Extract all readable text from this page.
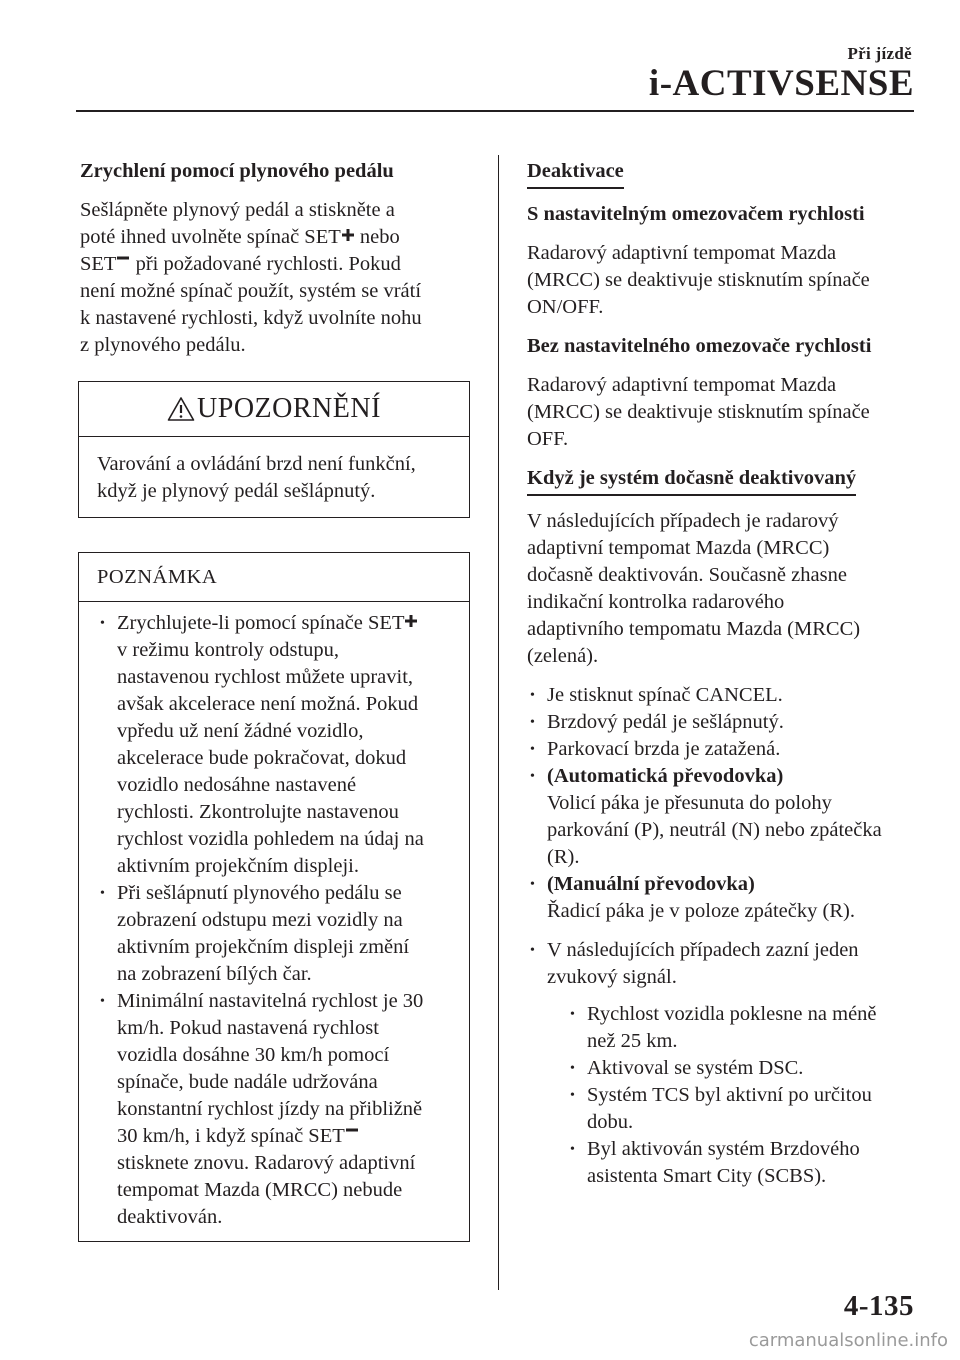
Při jízdě
i-ACTIVSENSE

Zrychlení pomocí plynového pedálu

Sešlápněte plynový pedál a stiskněte a

poté ihned uvolněte spínač SET nebo

SET při požadované rychlosti. Pokud

není možné spínač použít, systém se vrátí

k nastavené rychlosti, když uvolníte nohu

z plynového pedálu.

UPOZORNĚNÍ

Varování a ovládání brzd není funkční,

když je plynový pedál sešlápnutý.

POZNÁMKA

• Zrychlujete-li pomocí spínače SET

v režimu kontroly odstupu,

nastavenou rychlost můžete upravit,

avšak akcelerace není možná. Pokud

vpředu už není žádné vozidlo,

akcelerace bude pokračovat, dokud

vozidlo nedosáhne nastavené

rychlosti. Zkontrolujte nastavenou

rychlost vozidla pohledem na údaj na

aktivním projekčním displeji.

• Při sešlápnutí plynového pedálu se

zobrazení odstupu mezi vozidly na

aktivním projekčním displeji změní

na zobrazení bílých čar.

• Minimální nastavitelná rychlost je 30

km/h. Pokud nastavená rychlost

vozidla dosáhne 30 km/h pomocí

spínače, bude nadále udržována

konstantní rychlost jízdy na přibližně

30 km/h, i když spínač SET

stisknete znovu. Radarový adaptivní

tempomat Mazda (MRCC) nebude

deaktivován.

Deaktivace

S nastavitelným omezovačem rychlosti

Radarový adaptivní tempomat Mazda

(MRCC) se deaktivuje stisknutím spínače

ON/OFF.

Bez nastavitelného omezovače rychlosti

Radarový adaptivní tempomat Mazda

(MRCC) se deaktivuje stisknutím spínače

OFF.

Když je systém dočasně deaktivovaný

V následujících případech je radarový

adaptivní tempomat Mazda (MRCC)

dočasně deaktivován. Současně zhasne

indikační kontrolka radarového

adaptivního tempomatu Mazda (MRCC)

(zelená).

• Je stisknut spínač CANCEL.
• Brzdový pedál je sešlápnutý.
• Parkovací brzda je zatažená.

• (Automatická převodovka)

Volicí páka je přesunuta do polohy

parkování (P), neutrál (N) nebo zpátečka

(R).

• (Manuální převodovka)

Řadicí páka je v poloze zpátečky (R).

• V následujících případech zazní jeden

zvukový signál.

• Rychlost vozidla poklesne na méně

než 25 km.

• Aktivoval se systém DSC.

• Systém TCS byl aktivní po určitou

dobu.

• Byl aktivován systém Brzdového

asistenta Smart City (SCBS).

4-135
carmanualsonline.info
